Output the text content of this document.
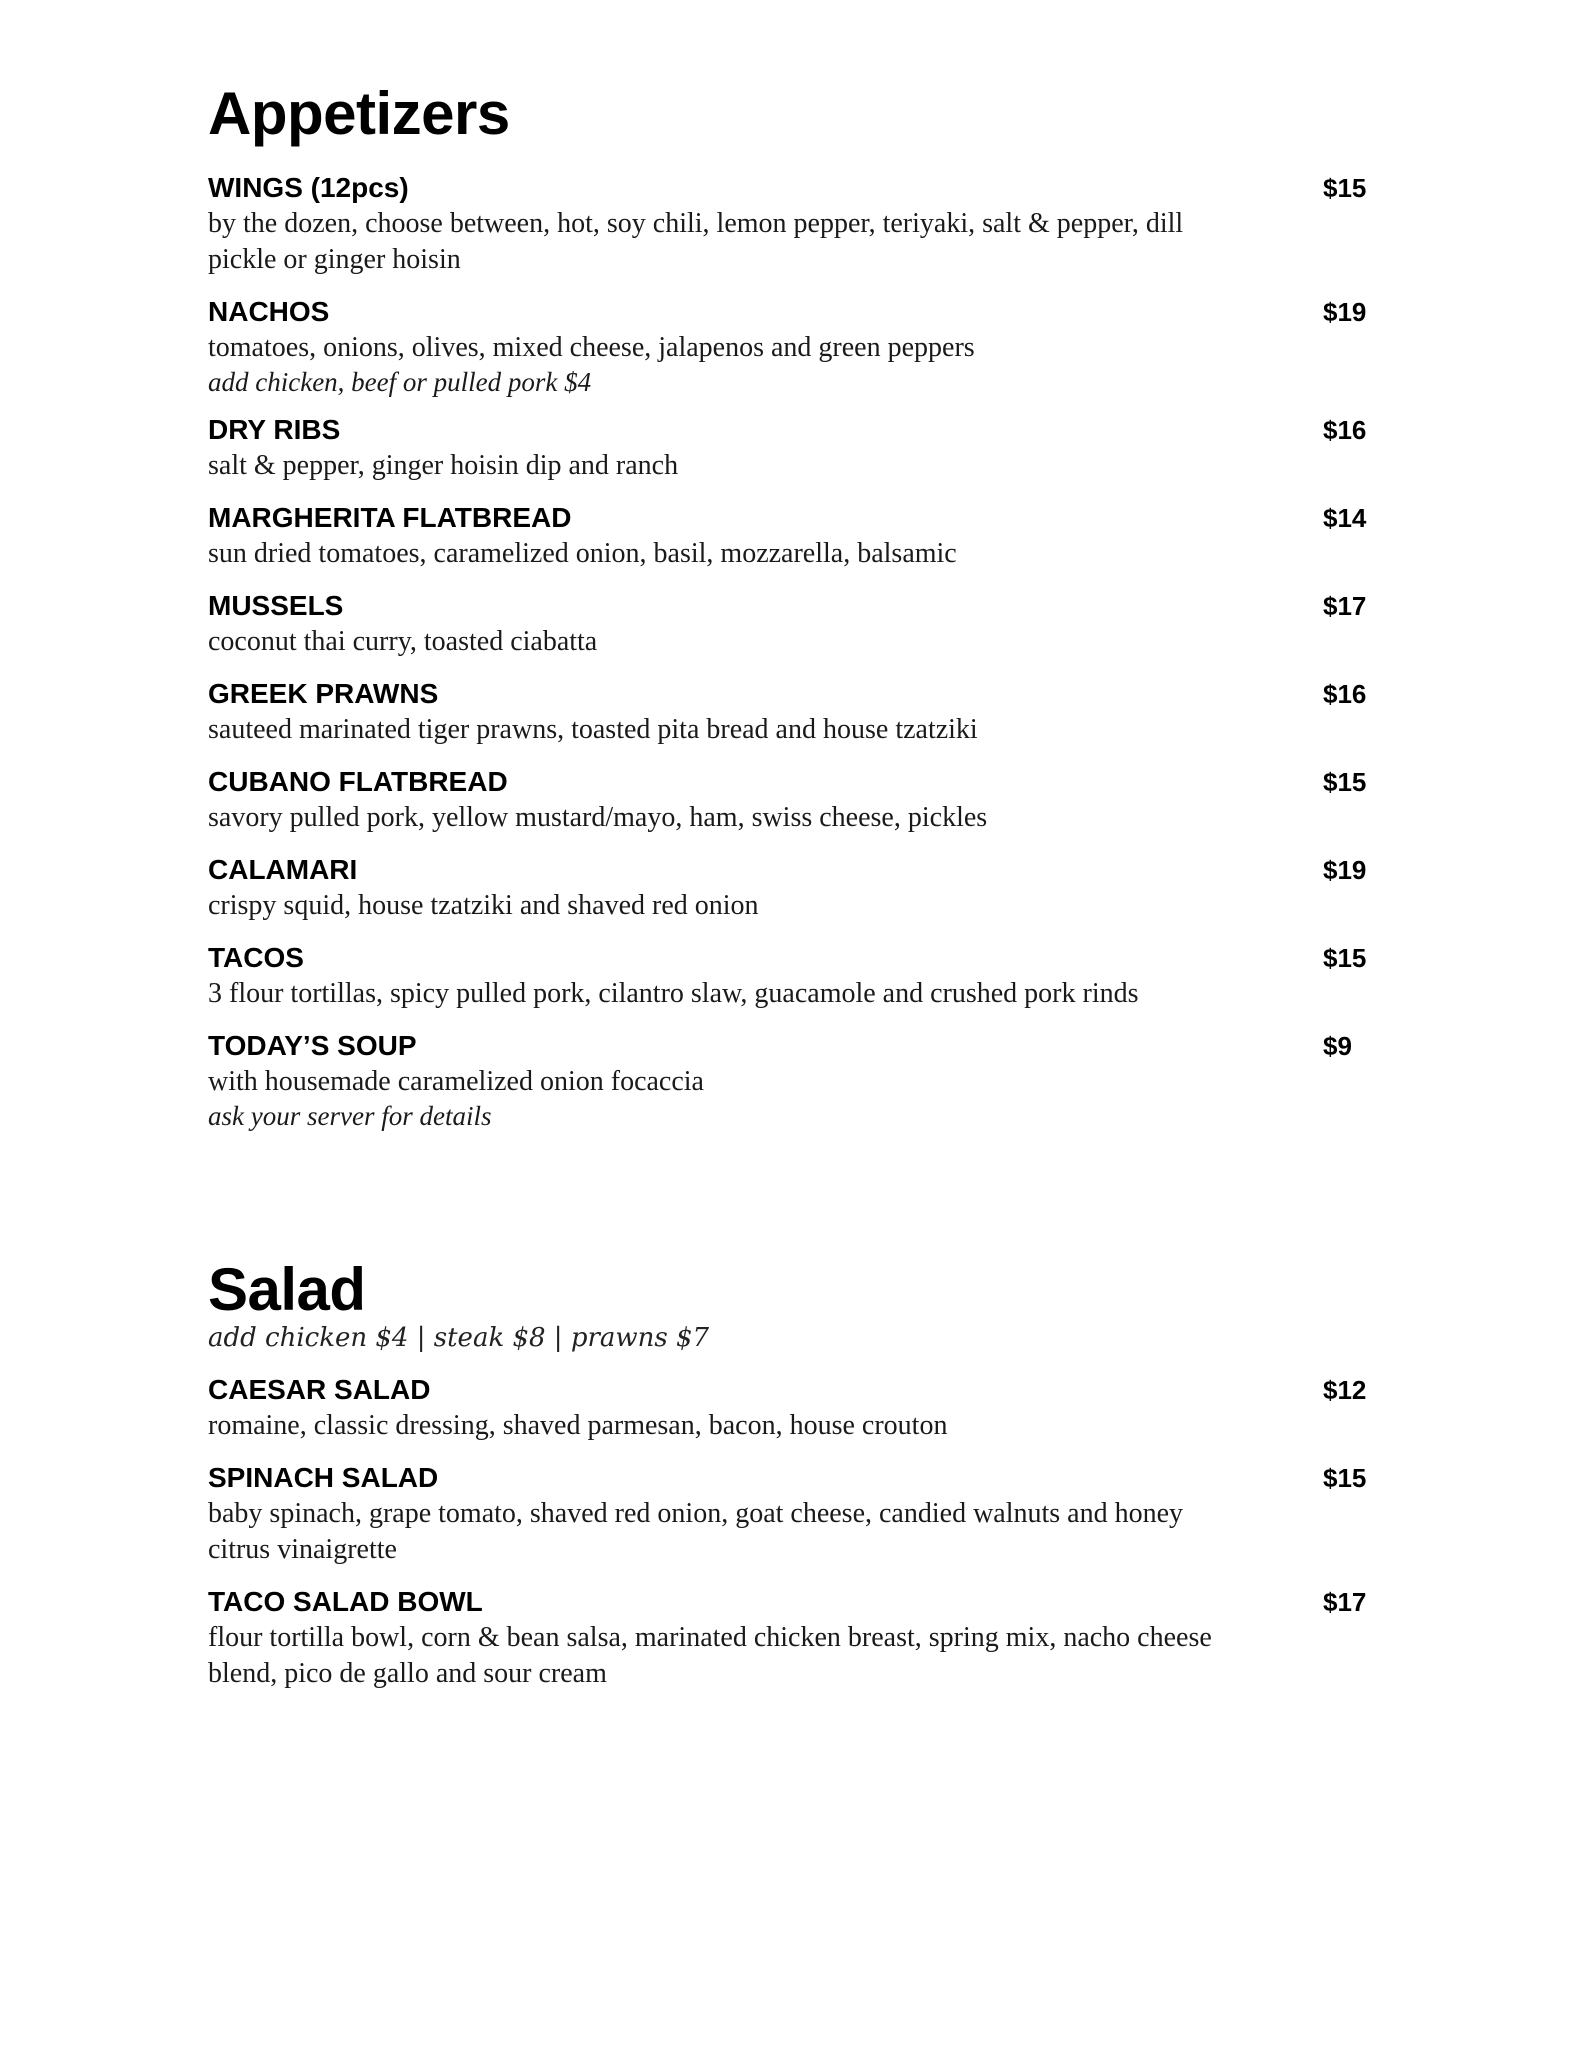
Appetizers
WINGS (12pcs)	$15

by the dozen, choose between, hot, soy chili, lemon pepper, teriyaki, salt & pepper, dill pickle or ginger hoisin

NACHOS	$19

tomatoes, onions, olives, mixed cheese, jalapenos and green peppers

add chicken, beef or pulled pork $4

DRY RIBS	$16

salt & pepper, ginger hoisin dip and ranch

MARGHERITA FLATBREAD	$14

sun dried tomatoes, caramelized onion, basil, mozzarella, balsamic

MUSSELS	$17

coconut thai curry, toasted ciabatta

GREEK PRAWNS	$16

sauteed marinated tiger prawns, toasted pita bread and house tzatziki

CUBANO FLATBREAD	$15

savory pulled pork, yellow mustard/mayo, ham, swiss cheese, pickles

CALAMARI	$19

crispy squid, house tzatziki and shaved red onion

TACOS	$15

3 flour tortillas, spicy pulled pork, cilantro slaw, guacamole and crushed pork rinds

TODAY’S SOUP	$9

with housemade caramelized onion focaccia

ask your server for details

Salad

add chicken $4 | steak $8 | prawns $7

CAESAR SALAD	$12

romaine, classic dressing, shaved parmesan, bacon, house crouton

SPINACH SALAD	$15

baby spinach, grape tomato, shaved red onion, goat cheese, candied walnuts and honey citrus vinaigrette

TACO SALAD BOWL	$17

flour tortilla bowl, corn & bean salsa, marinated chicken breast, spring mix, nacho cheese blend, pico de gallo and sour cream
